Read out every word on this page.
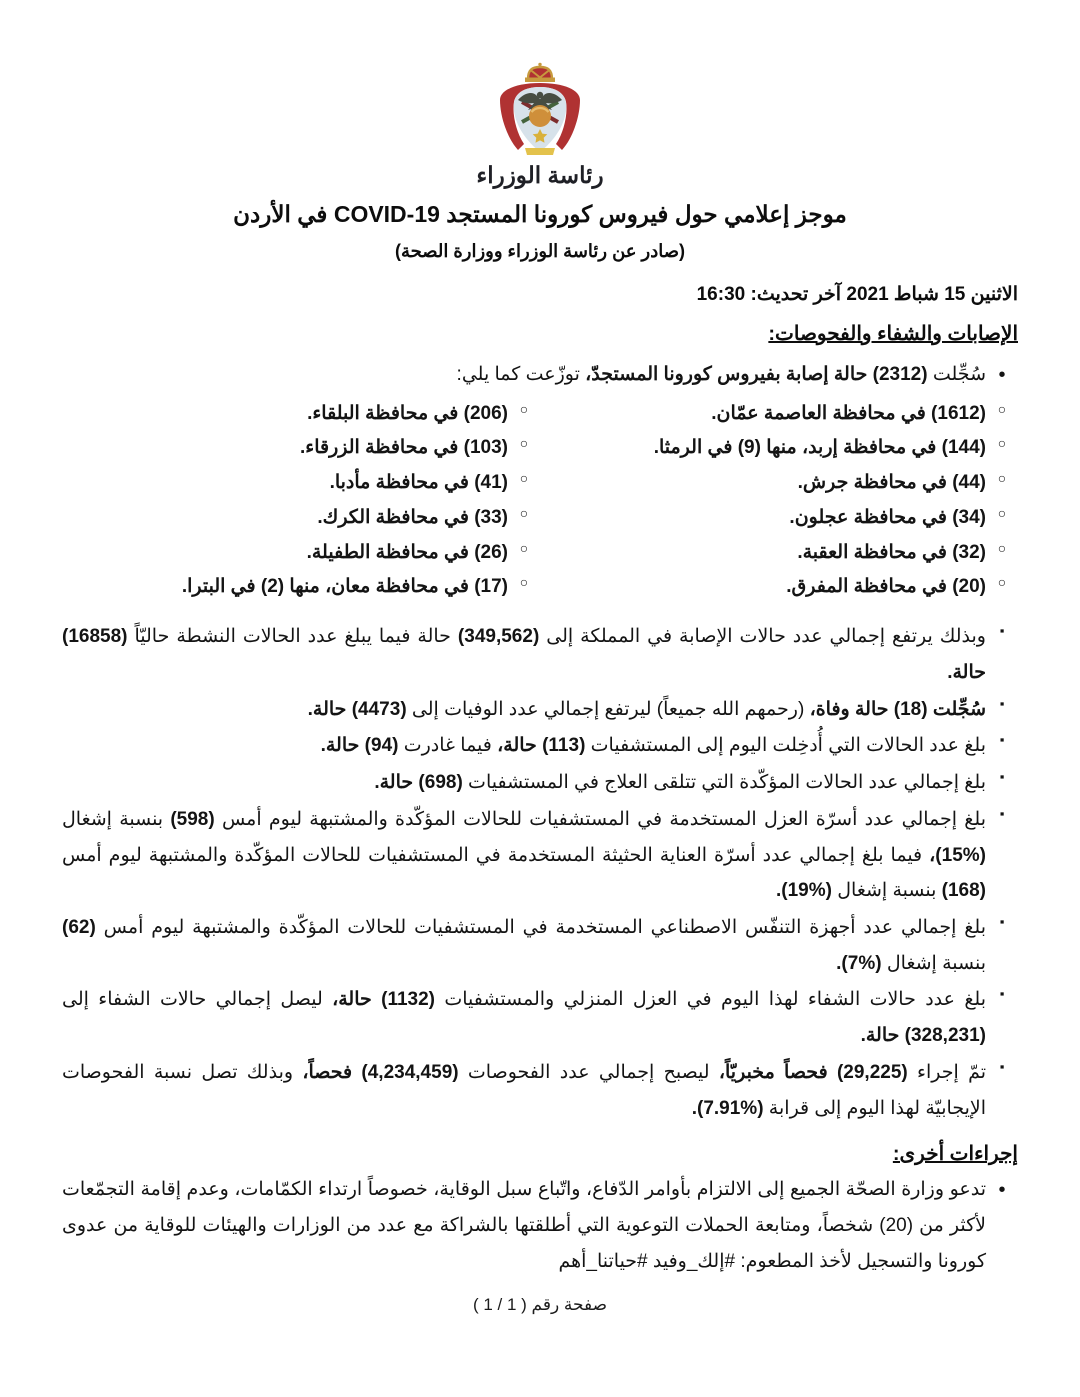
رئاسة الوزراء
موجز إعلامي حول فيروس كورونا المستجد COVID-19 في الأردن
(صادر عن رئاسة الوزراء ووزارة الصحة)
الاثنين 15 شباط 2021 آخر تحديث: 16:30
الإصابات والشفاء والفحوصات:
• سُجِّلت (2312) حالة إصابة بفيروس كورونا المستجدّ، توزّعت كما يلي:
○ (1612) في محافظة العاصمة عمّان.
○ (206) في محافظة البلقاء.
○ (144) في محافظة إربد، منها (9) في الرمثا.
○ (103) في محافظة الزرقاء.
○ (44) في محافظة جرش.
○ (41) في محافظة مأدبا.
○ (34) في محافظة عجلون.
○ (33) في محافظة الكرك.
○ (32) في محافظة العقبة.
○ (26) في محافظة الطفيلة.
○ (20) في محافظة المفرق.
○ (17) في محافظة معان، منها (2) في البترا.
▪ وبذلك يرتفع إجمالي عدد حالات الإصابة في المملكة إلى (349,562) حالة فيما يبلغ عدد الحالات النشطة حاليّاً (16858) حالة.
▪ سُجِّلت (18) حالة وفاة، (رحمهم الله جميعاً) ليرتفع إجمالي عدد الوفيات إلى (4473) حالة.
▪ بلغ عدد الحالات التي أُدخِلت اليوم إلى المستشفيات (113) حالة، فيما غادرت (94) حالة.
▪ بلغ إجمالي عدد الحالات المؤكّدة التي تتلقى العلاج في المستشفيات (698) حالة.
▪ بلغ إجمالي عدد أسرّة العزل المستخدمة في المستشفيات للحالات المؤكّدة والمشتبهة ليوم أمس (598) بنسبة إشغال (%15)، فيما بلغ إجمالي عدد أسرّة العناية الحثيثة المستخدمة في المستشفيات للحالات المؤكّدة والمشتبهة ليوم أمس (168) بنسبة إشغال (%19).
▪ بلغ إجمالي عدد أجهزة التنفّس الاصطناعي المستخدمة في المستشفيات للحالات المؤكّدة والمشتبهة ليوم أمس (62) بنسبة إشغال (%7).
▪ بلغ عدد حالات الشفاء لهذا اليوم في العزل المنزلي والمستشفيات (1132) حالة، ليصل إجمالي حالات الشفاء إلى (328,231) حالة.
▪ تمّ إجراء (29,225) فحصاً مخبريّاً، ليصبح إجمالي عدد الفحوصات (4,234,459) فحصاً، وبذلك تصل نسبة الفحوصات الإيجابيّة لهذا اليوم إلى قرابة (%7.91).
إجراءات أخرى:
• تدعو وزارة الصحّة الجميع إلى الالتزام بأوامر الدّفاع، واتّباع سبل الوقاية، خصوصاً ارتداء الكمّامات، وعدم إقامة التجمّعات لأكثر من (20) شخصاً، ومتابعة الحملات التوعوية التي أطلقتها بالشراكة مع عدد من الوزارات والهيئات للوقاية من عدوى كورونا والتسجيل لأخذ المطعوم: #إلك_وفيد #حياتنا_أهم
صفحة رقم ( 1 / 1 )
